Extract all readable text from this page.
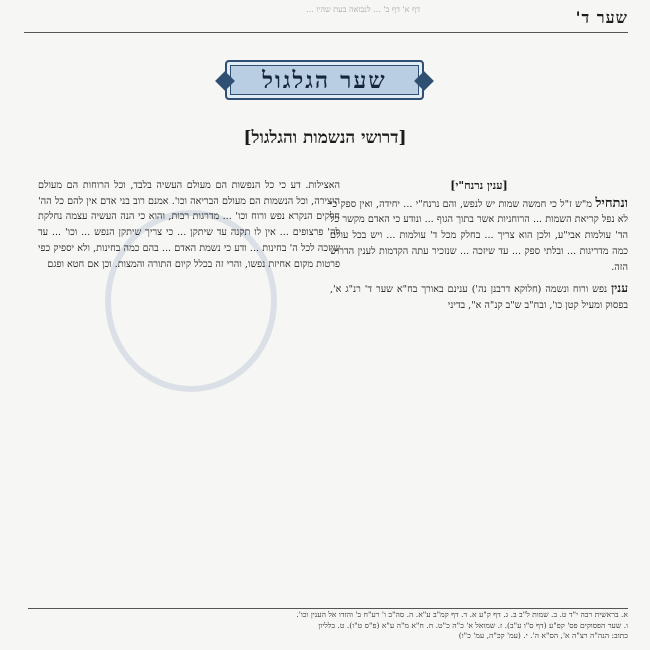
דף א' דף ב' ... לנבואה בעת שהיו ...	שער ד'
שער הגלגול
[דרושי הנשמות והגלגול]
[ענין נרנח"י]

ונתחיל מ"ש ז"ל כי חמשה שמות יש לנפש, והם נרנח"י ... יחידה, ואין ספק כי לא נפל קריאת השמות ... הרוחניות אשר בתוך הגוף ... ונודע כי האדם מקשר כל הד' עולמות אבי"ע, ולכן הוא צריך ... בחלק מכל ד' עולמות ... ויש בכל עולם כמה מדריגות ... ובלתי ספק ... עד שיזכה ... שנזכיר עתה הקדמות לענין הדרוש הזה.

ענין נפש ורוח ונשמה (חלוקא דרבנן נה') ענינם באורך בח"א שער ד' רנ"ג א', בפסוק ומעיל קטן כו', ובח"ב ש"ב קנ"ה א", בדיני

האצילות. דע כי כל הנפשות הם מעולם העשיה בלבד, וכל הרוחות הם מעולם היצירה, וכל הנשמות הם מעולם הבריאה וכו'. אמנם רוב בני אדם אין להם כל הה' חלקים הנקרא נפש ורוח וכו' ... מדרגות רבות, והוא כי הנה העשיה עצמה נחלקת לה' פרצופים ... אין לו תקנה עד שיתקן ... כי צריך שיתקן הנפש ... וכו' ... עד שיזכה לכל ה' בחינות ... ודע כי נשמת האדם ... בהם כמה בחינות, ולא יספיק כפי פרטות מקום אחיזת נפשו, והרי זה בכלל קיום התורה והמצות. וכן אם חטא ופגם

א. בראשית רבה י"ד ט. ב. שמות ל"ב ב. ג. דף ק"ע א. ד. דף קמ"ב ע"א. ה. סה"ב ו' רע"ח ב' והזדו אל הענין וכו'.
ו. שער הפסוקים פס' קפ"ע (דף ס"ו ע"ב). ז. שמואל א' כ"ה כ"ט. ח. ח"א מ"ה ע"א (פ"ס ט"ו). ט. בלליון
כתוב: הנה"ה רצ"ה א', הס"א ה'. י. (עמ' קכ"ה, עמ' כ"ו)
